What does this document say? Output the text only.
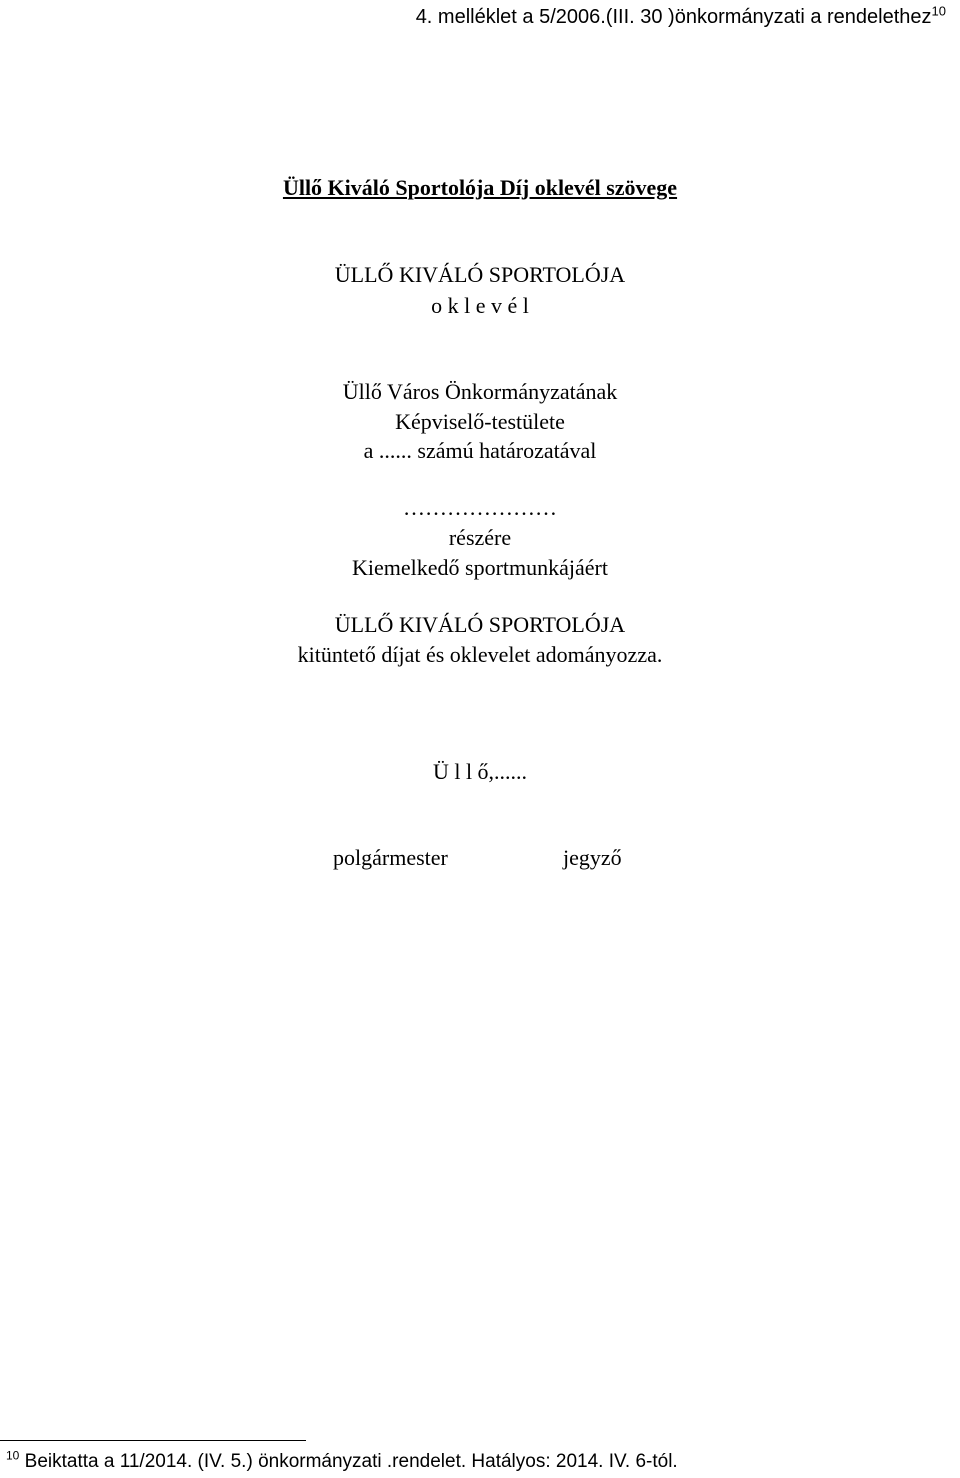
4. melléklet a 5/2006.(III. 30 )önkormányzati a rendelethez$^{10}$
Üllő Kiváló Sportolója Díj oklevél szövege
ÜLLŐ KIVÁLÓ SPORTOLÓJA
o k l e v é l
Üllő Város Önkormányzatának
Képviselő-testülete
a ...... számú határozatával
…………………
részére
Kiemelkedő sportmunkájáért
ÜLLŐ KIVÁLÓ SPORTOLÓJA
kitüntető díjat és oklevelet adományozza.
Ü l l ő,......
polgármester	jegyző
$^{10}$ Beiktatta a 11/2014. (IV. 5.) önkormányzati .rendelet. Hatályos: 2014. IV. 6-tól.
